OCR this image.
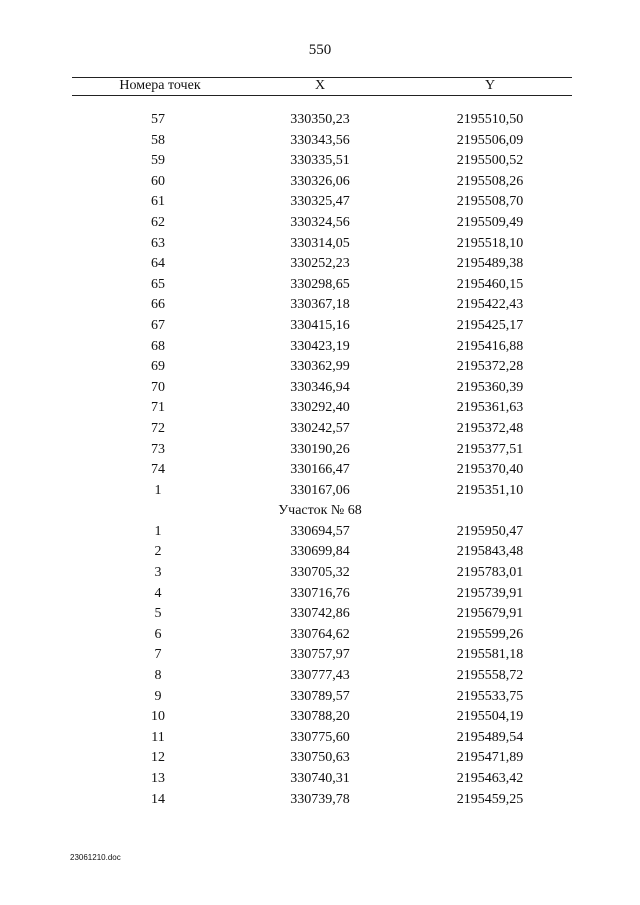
550
Номера точек	X	Y
57	330350,23	2195510,50
58	330343,56	2195506,09
59	330335,51	2195500,52
60	330326,06	2195508,26
61	330325,47	2195508,70
62	330324,56	2195509,49
63	330314,05	2195518,10
64	330252,23	2195489,38
65	330298,65	2195460,15
66	330367,18	2195422,43
67	330415,16	2195425,17
68	330423,19	2195416,88
69	330362,99	2195372,28
70	330346,94	2195360,39
71	330292,40	2195361,63
72	330242,57	2195372,48
73	330190,26	2195377,51
74	330166,47	2195370,40
1	330167,06	2195351,10
Участок № 68
1	330694,57	2195950,47
2	330699,84	2195843,48
3	330705,32	2195783,01
4	330716,76	2195739,91
5	330742,86	2195679,91
6	330764,62	2195599,26
7	330757,97	2195581,18
8	330777,43	2195558,72
9	330789,57	2195533,75
10	330788,20	2195504,19
11	330775,60	2195489,54
12	330750,63	2195471,89
13	330740,31	2195463,42
14	330739,78	2195459,25
23061210.doc
